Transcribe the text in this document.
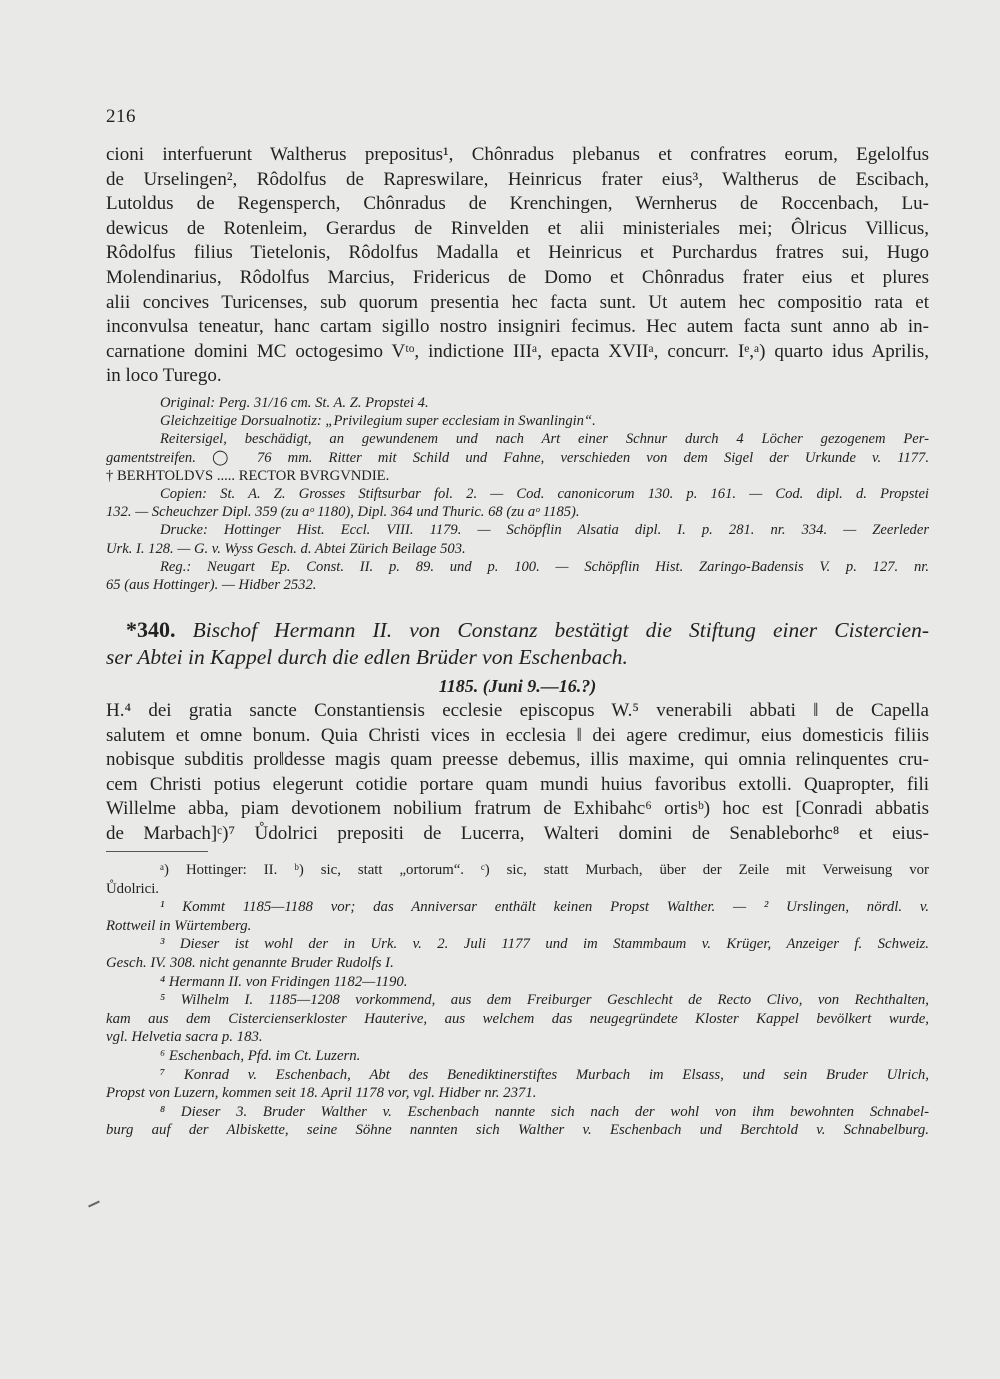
216
cioni interfuerunt Waltherus prepositus¹, Chônradus plebanus et confratres eorum, Egelolfus
de Urselingen², Rôdolfus de Rapreswilare, Heinricus frater eius³, Waltherus de Escibach,
Lutoldus de Regensperch, Chônradus de Krenchingen, Wernherus de Roccenbach, Lu-
dewicus de Rotenleim, Gerardus de Rinvelden et alii ministeriales mei; Ôlricus Villicus,
Rôdolfus filius Tietelonis, Rôdolfus Madalla et Heinricus et Purchardus fratres sui, Hugo
Molendinarius, Rôdolfus Marcius, Fridericus de Domo et Chônradus frater eius et plures
alii concives Turicenses, sub quorum presentia hec facta sunt. Ut autem hec compositio rata et
inconvulsa teneatur, hanc cartam sigillo nostro insigniri fecimus. Hec autem facta sunt anno ab in-
carnatione domini MC octogesimo Vᵗᵒ, indictione IIIᵃ, epacta XVIIᵃ, concurr. Iᵉ,ᵃ) quarto idus Aprilis,
in loco Turego.
Original: Perg. 31/16 cm. St. A. Z. Propstei 4.
Gleichzeitige Dorsualnotiz: „Privilegium super ecclesiam in Swanlingin“.
Reitersigel, beschädigt, an gewundenem und nach Art einer Schnur durch 4 Löcher gezogenem Per-
gamentstreifen. ◯ 76 mm. Ritter mit Schild und Fahne, verschieden von dem Sigel der Urkunde v. 1177.
† BERHTOLDVS ..... RECTOR BVRGVNDIE.
Copien: St. A. Z. Grosses Stiftsurbar fol. 2. — Cod. canonicorum 130. p. 161. — Cod. dipl. d. Propstei
132. — Scheuchzer Dipl. 359 (zu aᵒ 1180), Dipl. 364 und Thuric. 68 (zu aᵒ 1185).
Drucke: Hottinger Hist. Eccl. VIII. 1179. — Schöpflin Alsatia dipl. I. p. 281. nr. 334. — Zeerleder
Urk. I. 128. — G. v. Wyss Gesch. d. Abtei Zürich Beilage 503.
Reg.: Neugart Ep. Const. II. p. 89. und p. 100. — Schöpflin Hist. Zaringo-Badensis V. p. 127. nr.
65 (aus Hottinger). — Hidber 2532.
*340. Bischof Hermann II. von Constanz bestätigt die Stiftung einer Cistercien-
ser Abtei in Kappel durch die edlen Brüder von Eschenbach.
1185. (Juni 9.—16.?)
H.⁴ dei gratia sancte Constantiensis ecclesie episcopus W.⁵ venerabili abbati ‖ de Capella
salutem et omne bonum. Quia Christi vices in ecclesia ‖ dei agere credimur, eius domesticis filiis
nobisque subditis pro‖desse magis quam preesse debemus, illis maxime, qui omnia relinquentes cru-
cem Christi potius elegerunt cotidie portare quam mundi huius favoribus extolli. Quapropter, fili
Willelme abba, piam devotionem nobilium fratrum de Exhibahc⁶ ortisᵇ) hoc est [Conradi abbatis
de Marbach]ᶜ)⁷ Ůdolrici prepositi de Lucerra, Walteri domini de Senableborhc⁸ et eius-
ᵃ) Hottinger: II. ᵇ) sic, statt „ortorum“. ᶜ) sic, statt Murbach, über der Zeile mit Verweisung vor
Ůdolrici.
¹ Kommt 1185—1188 vor; das Anniversar enthält keinen Propst Walther. — ² Urslingen, nördl. v.
Rottweil in Würtemberg.
³ Dieser ist wohl der in Urk. v. 2. Juli 1177 und im Stammbaum v. Krüger, Anzeiger f. Schweiz.
Gesch. IV. 308. nicht genannte Bruder Rudolfs I.
⁴ Hermann II. von Fridingen 1182—1190.
⁵ Wilhelm I. 1185—1208 vorkommend, aus dem Freiburger Geschlecht de Recto Clivo, von Rechthalten,
kam aus dem Cistercienserkloster Hauterive, aus welchem das neugegründete Kloster Kappel bevölkert wurde,
vgl. Helvetia sacra p. 183.
⁶ Eschenbach, Pfd. im Ct. Luzern.
⁷ Konrad v. Eschenbach, Abt des Benediktinerstiftes Murbach im Elsass, und sein Bruder Ulrich,
Propst von Luzern, kommen seit 18. April 1178 vor, vgl. Hidber nr. 2371.
⁸ Dieser 3. Bruder Walther v. Eschenbach nannte sich nach der wohl von ihm bewohnten Schnabel-
burg auf der Albiskette, seine Söhne nannten sich Walther v. Eschenbach und Berchtold v. Schnabelburg.
